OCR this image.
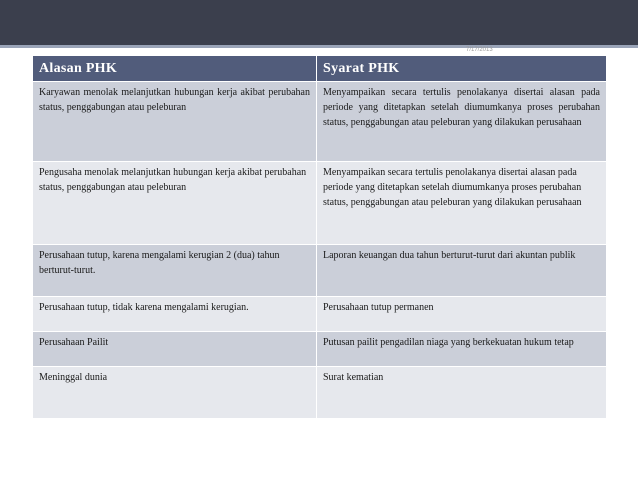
7/17/2013
Alasan PHK	Syarat PHK
Karyawan menolak melanjutkan hubungan kerja akibat perubahan status, penggabungan atau peleburan	Menyampaikan secara tertulis penolakanya disertai alasan pada periode yang ditetapkan setelah diumumkanya proses perubahan status, penggabungan atau peleburan yang dilakukan perusahaan
Pengusaha menolak melanjutkan hubungan kerja akibat perubahan status, penggabungan atau peleburan	Menyampaikan secara tertulis penolakanya disertai alasan pada periode yang ditetapkan setelah diumumkanya proses perubahan status, penggabungan atau peleburan yang dilakukan perusahaan
Perusahaan tutup, karena mengalami kerugian 2 (dua) tahun berturut-turut.	Laporan keuangan dua tahun berturut-turut dari akuntan publik
Perusahaan tutup, tidak karena mengalami kerugian.	Perusahaan tutup permanen
Perusahaan Pailit	Putusan pailit pengadilan niaga yang berkekuatan hukum tetap
Meninggal dunia	Surat kematian
